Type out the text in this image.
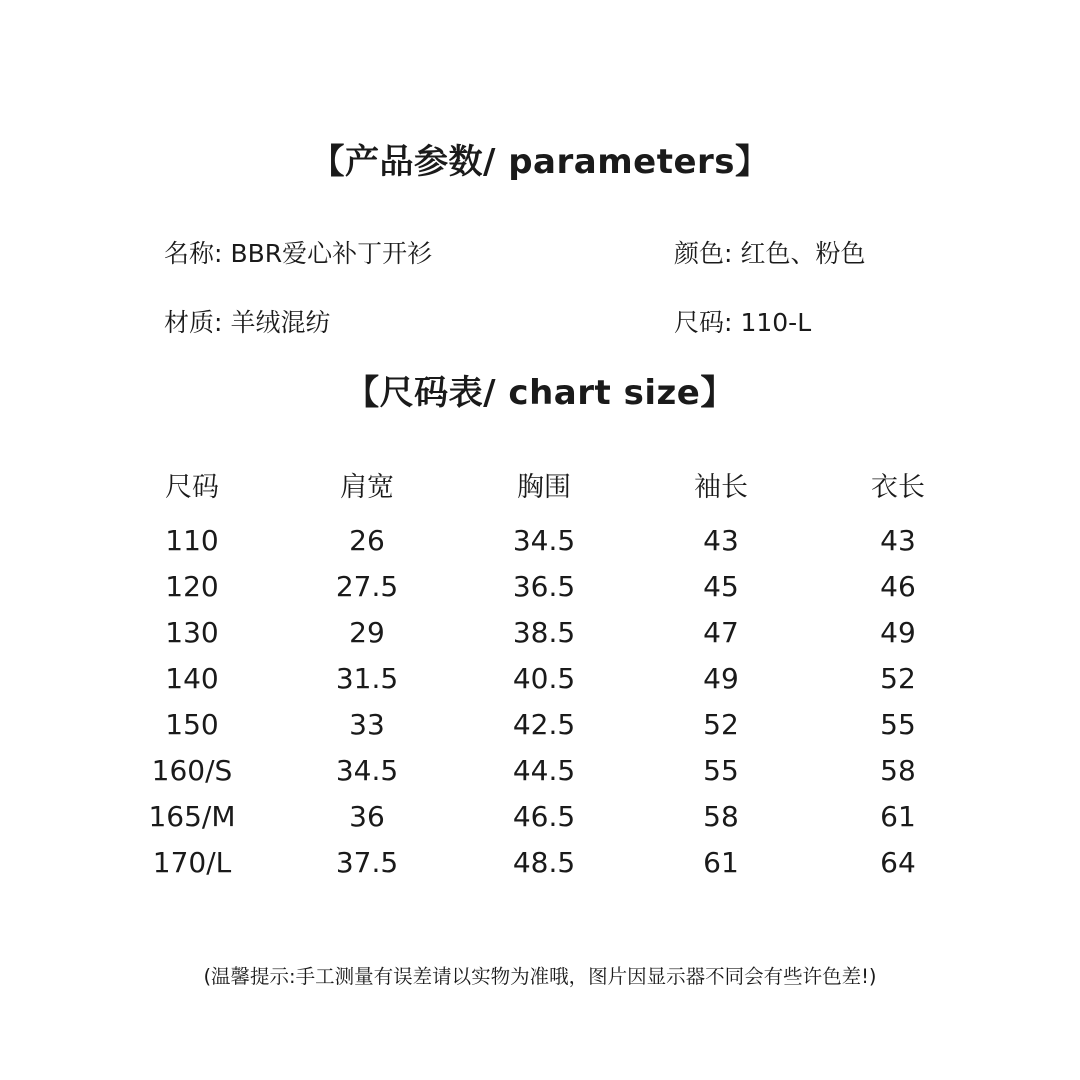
【产品参数/ parameters】
名称: BBR爱心补丁开衫	颜色: 红色、粉色
材质: 羊绒混纺	尺码: 110-L
【尺码表/ chart size】
尺码	肩宽	胸围	袖长	衣长
110	26	34.5	43	43
120	27.5	36.5	45	46
130	29	38.5	47	49
140	31.5	40.5	49	52
150	33	42.5	52	55
160/S	34.5	44.5	55	58
165/M	36	46.5	58	61
170/L	37.5	48.5	61	64
(温馨提示:手工测量有误差请以实物为准哦，图片因显示器不同会有些许色差!)
